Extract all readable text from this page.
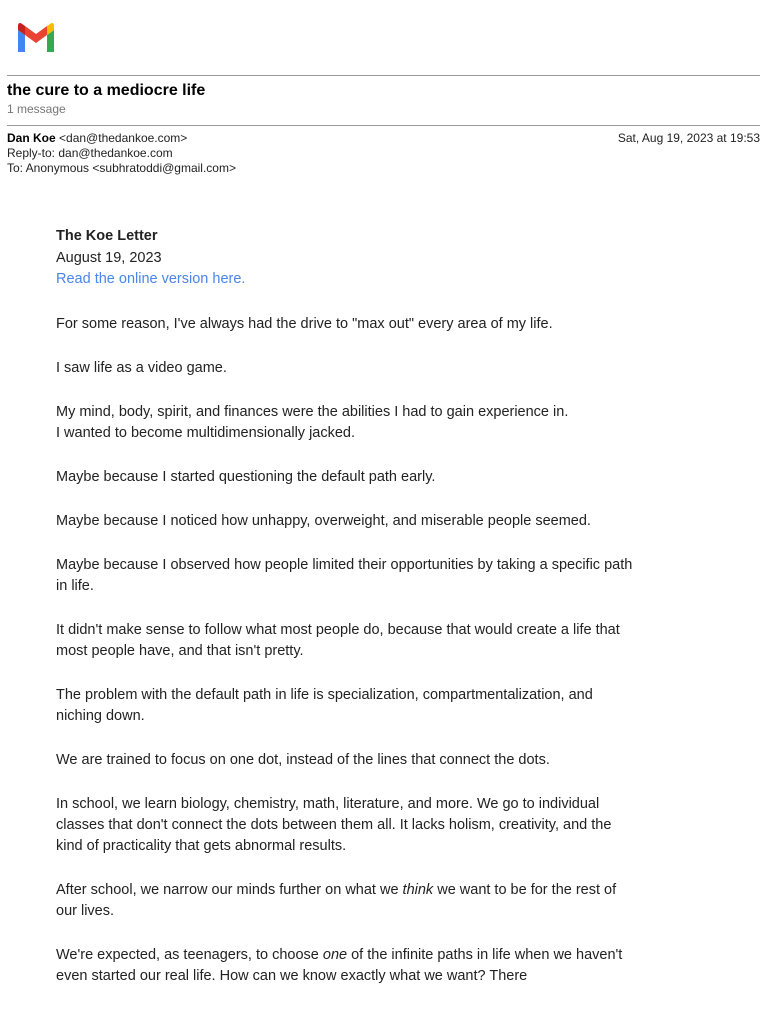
the cure to a mediocre life
1 message
Dan Koe <dan@thedankoe.com>
Reply-to: dan@thedankoe.com
To: Anonymous <subhratoddi@gmail.com>
Sat, Aug 19, 2023 at 19:53
The Koe Letter
August 19, 2023
Read the online version here.

For some reason, I've always had the drive to "max out" every area of my life.

I saw life as a video game.

My mind, body, spirit, and finances were the abilities I had to gain experience in.
I wanted to become multidimensionally jacked.

Maybe because I started questioning the default path early.

Maybe because I noticed how unhappy, overweight, and miserable people seemed.

Maybe because I observed how people limited their opportunities by taking a specific path in life.

It didn't make sense to follow what most people do, because that would create a life that most people have, and that isn't pretty.

The problem with the default path in life is specialization, compartmentalization, and niching down.

We are trained to focus on one dot, instead of the lines that connect the dots.

In school, we learn biology, chemistry, math, literature, and more. We go to individual classes that don't connect the dots between them all. It lacks holism, creativity, and the kind of practicality that gets abnormal results.

After school, we narrow our minds further on what we think we want to be for the rest of our lives.

We're expected, as teenagers, to choose one of the infinite paths in life when we haven't even started our real life. How can we know exactly what we want? There
